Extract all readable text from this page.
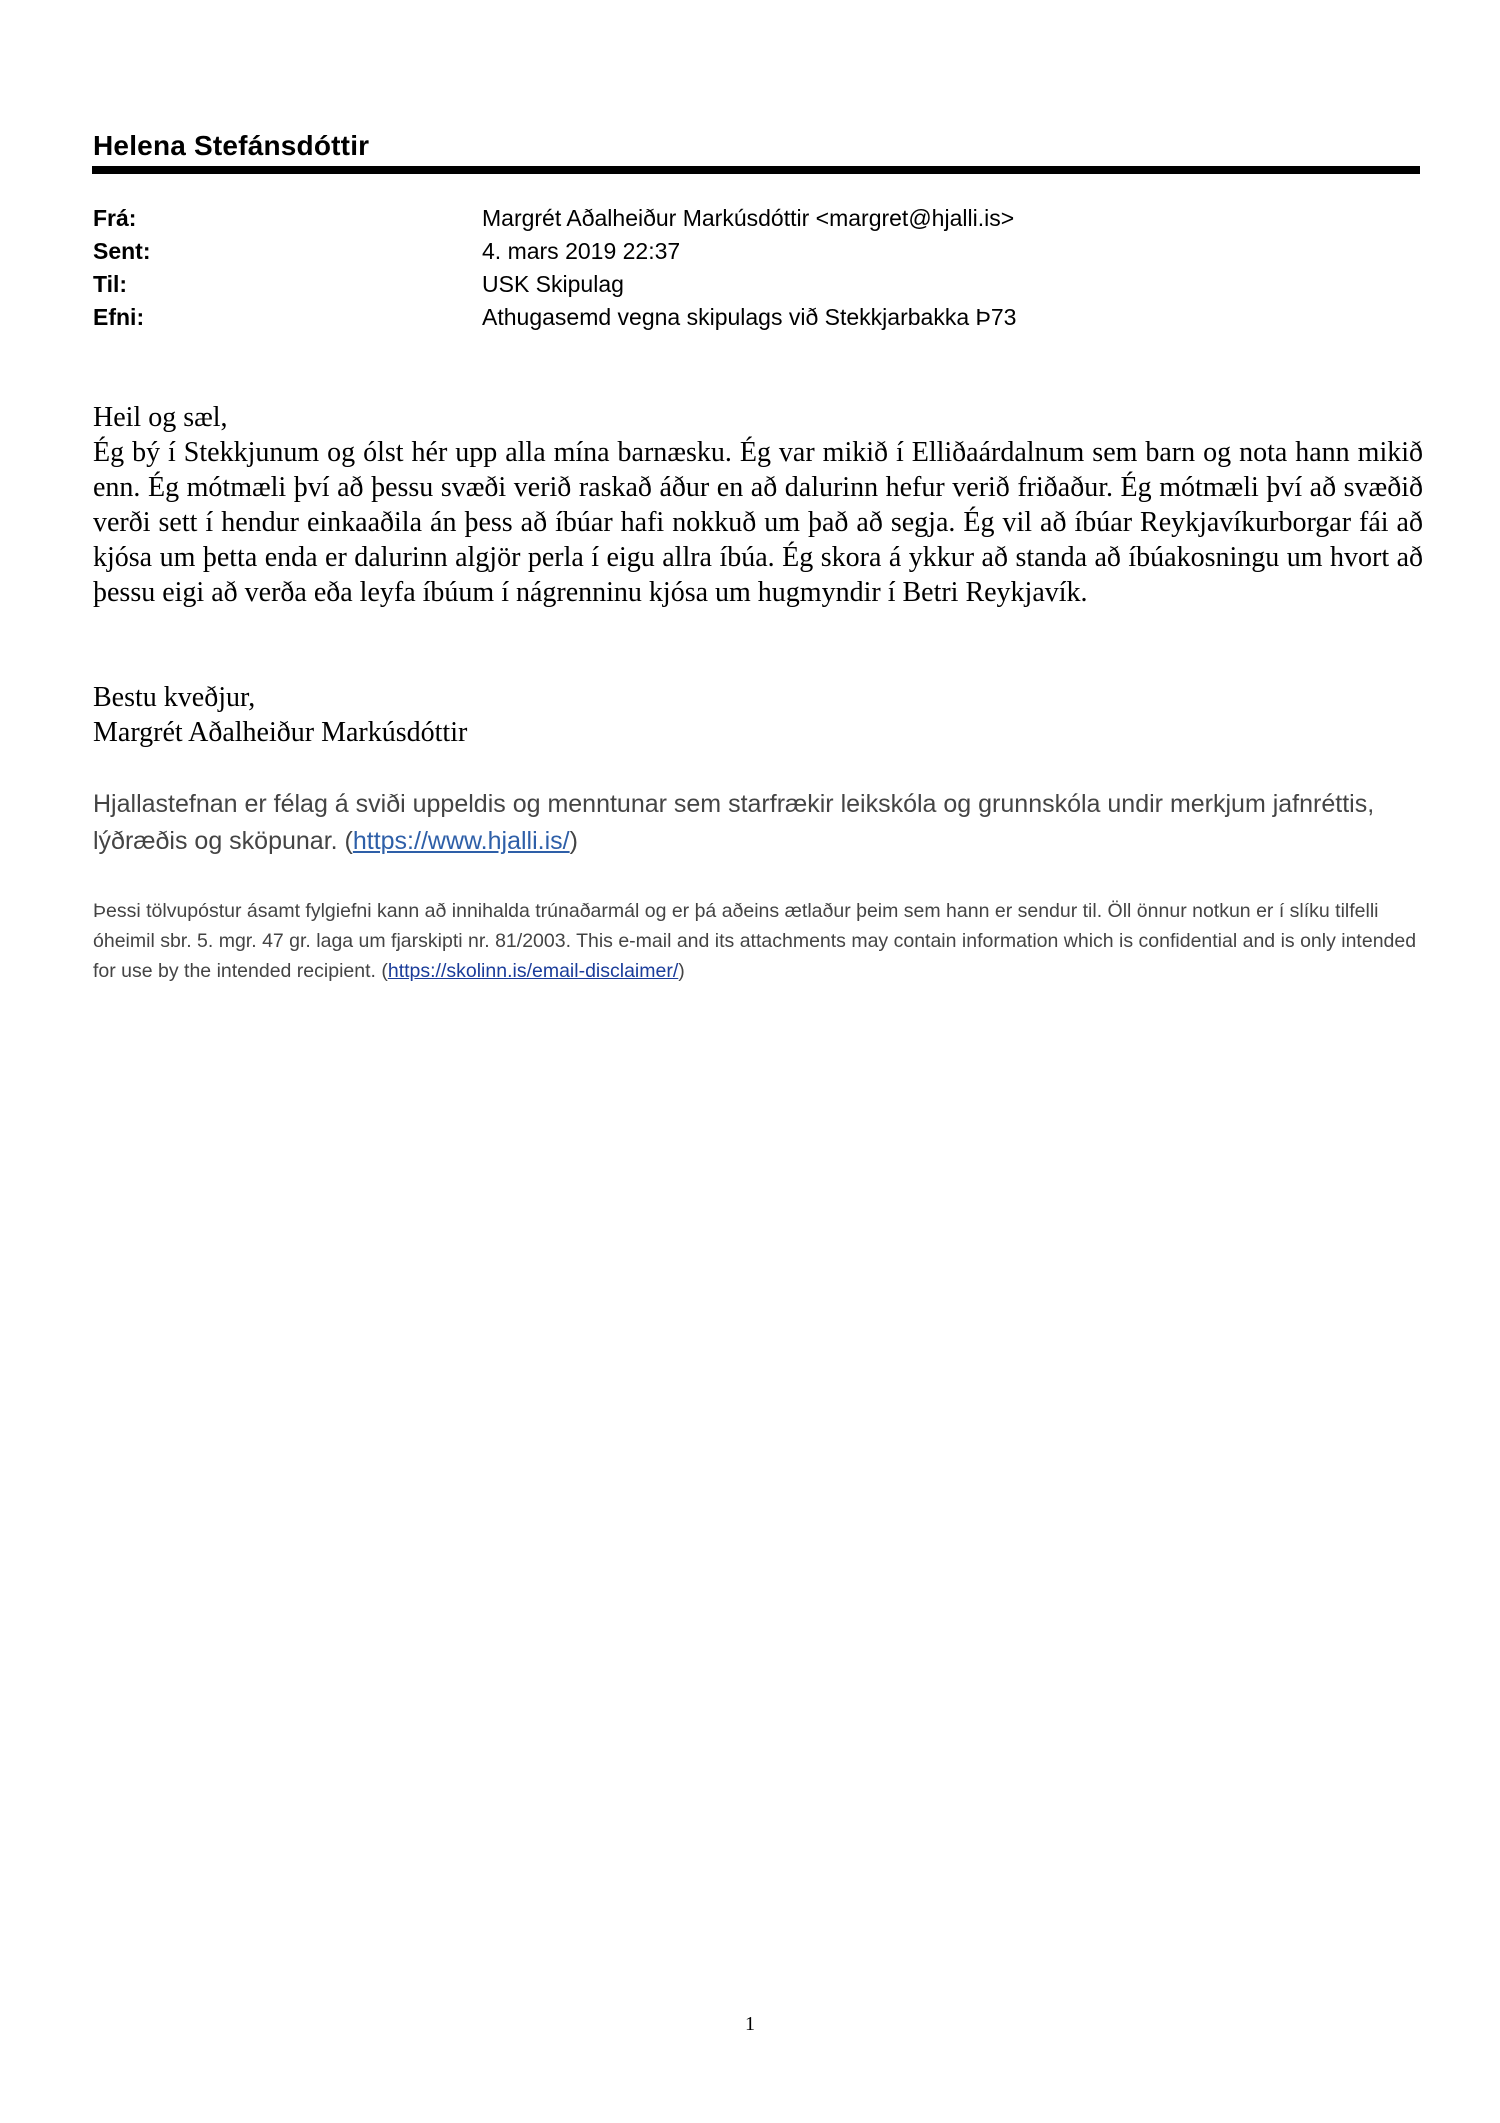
Helena Stefánsdóttir
Frá:	Margrét Aðalheiður Markúsdóttir <margret@hjalli.is>
Sent:	4. mars 2019 22:37
Til:	USK Skipulag
Efni:	Athugasemd vegna skipulags við Stekkjarbakka Þ73
Heil og sæl,

Ég bý í Stekkjunum og ólst hér upp alla mína barnæsku. Ég var mikið í Elliðaárdalnum sem barn og nota hann mikið enn. Ég mótmæli því að þessu svæði verið raskað áður en að dalurinn hefur verið friðaður. Ég mótmæli því að svæðið verði sett í hendur einkaaðila án þess að íbúar hafi nokkuð um það að segja. Ég vil að íbúar Reykjavíkurborgar fái að kjósa um þetta enda er dalurinn algjör perla í eigu allra íbúa. Ég skora á ykkur að standa að íbúakosningu um hvort að þessu eigi að verða eða leyfa íbúum í nágrenninu kjósa um hugmyndir í Betri Reykjavík.

Bestu kveðjur,
Margrét Aðalheiður Markúsdóttir
Hjallastefnan er félag á sviði uppeldis og menntunar sem starfrækir leikskóla og grunnskóla undir merkjum jafnréttis, lýðræðis og sköpunar. (https://www.hjalli.is/)
Þessi tölvupóstur ásamt fylgiefni kann að innihalda trúnaðarmál og er þá aðeins ætlaður þeim sem hann er sendur til. Öll önnur notkun er í slíku tilfelli óheimil sbr. 5. mgr. 47 gr. laga um fjarskipti nr. 81/2003. This e-mail and its attachments may contain information which is confidential and is only intended for use by the intended recipient. (https://skolinn.is/email-disclaimer/)
1
